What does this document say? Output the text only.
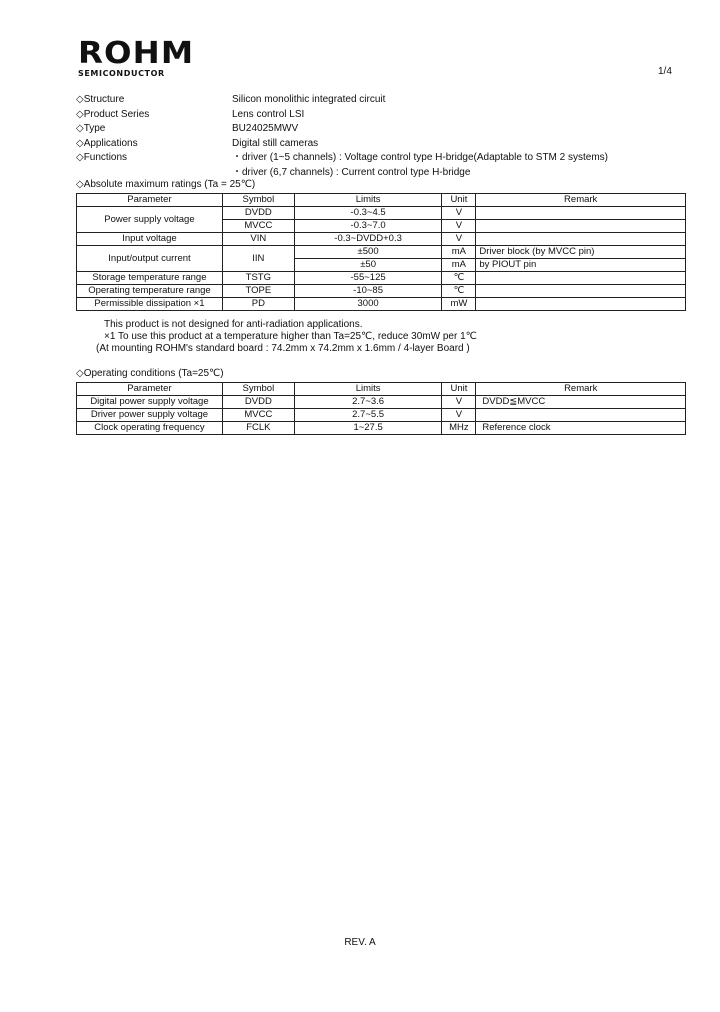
ROHM
SEMICONDUCTOR	1/4
◇Structure	Silicon monolithic integrated circuit
◇Product Series	Lens control LSI
◇Type	BU24025MWV
◇Applications	Digital still cameras
◇Functions	・driver (1~5 channels) : Voltage control type H-bridge(Adaptable to STM 2 systems)
・driver (6,7 channels) : Current control type H-bridge
◇Absolute maximum ratings (Ta = 25℃)
Parameter	Symbol	Limits	Unit	Remark
Power supply voltage	DVDD	-0.3~4.5	V	
	MVCC	-0.3~7.0	V	
Input voltage	VIN	-0.3~DVDD+0.3	V	
Input/output current	IIN	±500	mA	Driver block (by MVCC pin)
		±50	mA	by PIOUT pin
Storage temperature range	TSTG	-55~125	℃	
Operating temperature range	TOPE	-10~85	℃	
Permissible dissipation ×1	PD	3000	mW	
This product is not designed for anti-radiation applications.
×1 To use this product at a temperature higher than Ta=25℃, reduce 30mW per 1℃
(At mounting ROHM's standard board : 74.2mm x 74.2mm x 1.6mm / 4-layer Board )
◇Operating conditions (Ta=25℃)
Parameter	Symbol	Limits	Unit	Remark
Digital power supply voltage	DVDD	2.7~3.6	V	DVDD≦MVCC
Driver power supply voltage	MVCC	2.7~5.5	V	
Clock operating frequency	FCLK	1~27.5	MHz	Reference clock
REV. A
